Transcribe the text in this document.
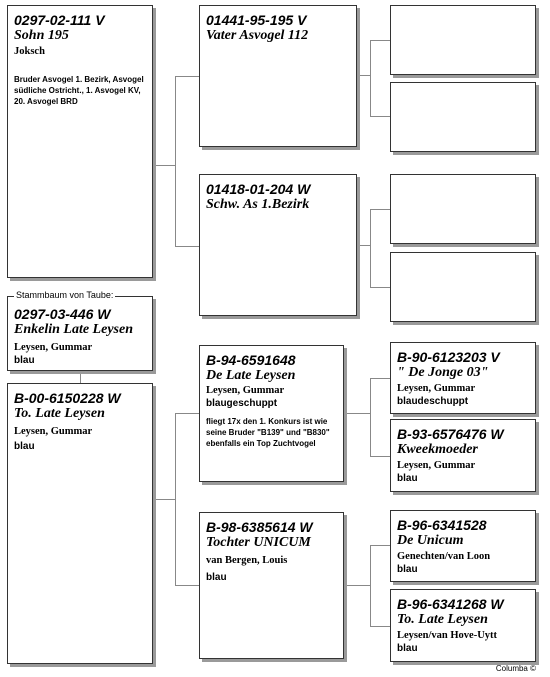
0297-02-111 V
Sohn 195
Joksch
Bruder Asvogel 1. Bezirk, Asvogel südliche Ostricht., 1. Asvogel KV, 20. Asvogel BRD
0297-03-446 W
Enkelin Late Leysen
Leysen, Gummar
blau
Stammbaum von Taube:
B-00-6150228 W
To. Late Leysen
Leysen, Gummar
blau
01441-95-195 V
Vater Asvogel 112
01418-01-204 W
Schw. As 1.Bezirk
B-94-6591648
De Late Leysen
Leysen, Gummar
blaugeschuppt
fliegt 17x den 1. Konkurs ist wie seine Bruder "B139" und "B830" ebenfalls ein Top Zuchtvogel
B-98-6385614 W
Tochter UNICUM
van Bergen, Louis
blau
B-90-6123203 V
" De Jonge 03"
Leysen, Gummar
blaudeschuppt
B-93-6576476 W
Kweekmoeder
Leysen, Gummar
blau
B-96-6341528
De Unicum
Genechten/van Loon
blau
B-96-6341268 W
To. Late Leysen
Leysen/van Hove-Uytt
blau
Columba ©
